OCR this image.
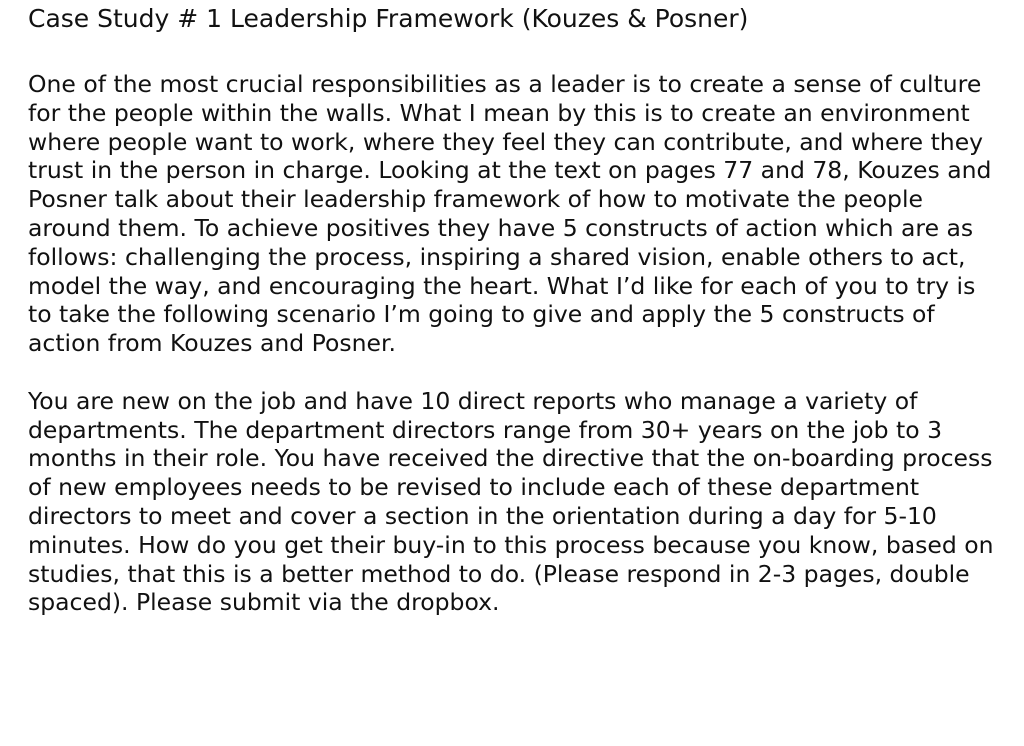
Case Study # 1 Leadership Framework (Kouzes & Posner)

One of the most crucial responsibilities as a leader is to create a sense of culture for the people within the walls. What I mean by this is to create an environment where people want to work, where they feel they can contribute, and where they trust in the person in charge. Looking at the text on pages 77 and 78, Kouzes and Posner talk about their leadership framework of how to motivate the people around them. To achieve positives they have 5 constructs of action which are as follows: challenging the process, inspiring a shared vision, enable others to act, model the way, and encouraging the heart. What I’d like for each of you to try is to take the following scenario I’m going to give and apply the 5 constructs of action from Kouzes and Posner.

You are new on the job and have 10 direct reports who manage a variety of departments. The department directors range from 30+ years on the job to 3 months in their role. You have received the directive that the on-boarding process of new employees needs to be revised to include each of these department directors to meet and cover a section in the orientation during a day for 5-10 minutes. How do you get their buy-in to this process because you know, based on studies, that this is a better method to do. (Please respond in 2-3 pages, double spaced). Please submit via the dropbox.
